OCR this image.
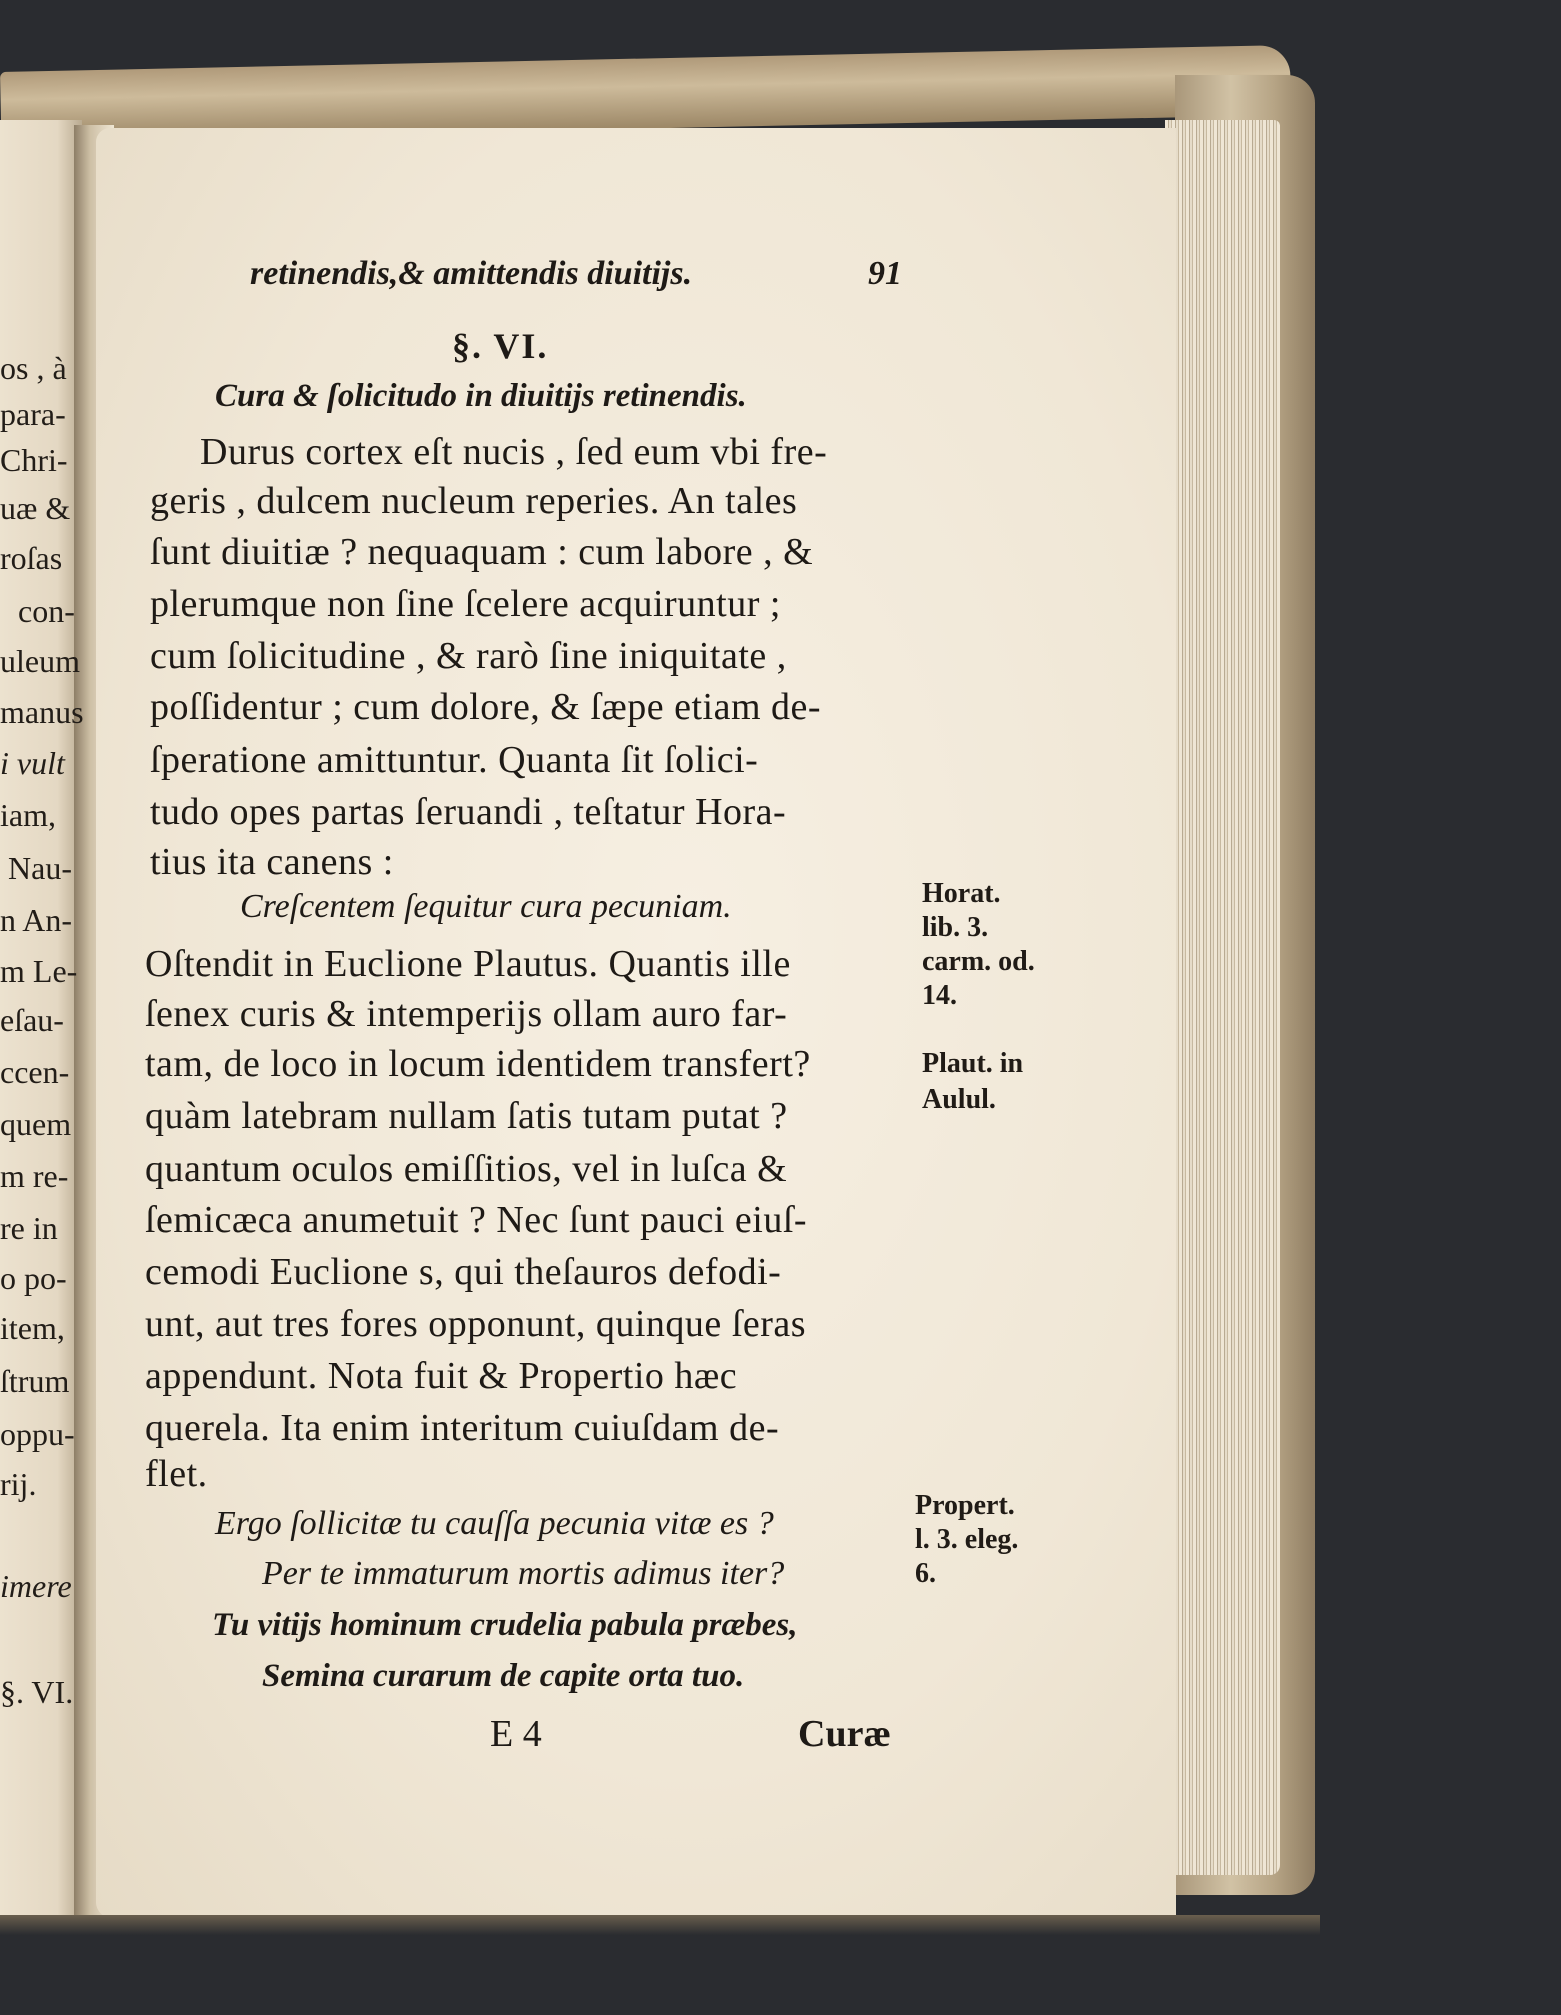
os , à
para-
Chri-
uæ &
roſas
con-
uleum
manus
i vult
iam,
Nau-
n An-
m Le-
eſau-
ccen-
quem
m re-
re in
o po-
item,
ſtrum
oppu-
rij.
imere
§. VI.
retinendis,& amittendis diuitijs.	91
§. VI.
Cura & ſolicitudo in diuitijs retinendis.
Durus cortex eſt nucis , ſed eum vbi fre-
geris , dulcem nucleum reperies. An tales
ſunt diuitiæ ? nequaquam : cum labore , &
plerumque non ſine ſcelere acquiruntur ;
cum ſolicitudine , & rarò ſine iniquitate ,
poſſidentur ; cum dolore, & ſæpe etiam de-
ſperatione amittuntur. Quanta ſit ſolici-
tudo opes partas ſeruandi , teſtatur Hora-
tius ita canens :
Creſcentem ſequitur cura pecuniam.
Oſtendit in Euclione Plautus. Quantis ille
ſenex curis & intemperijs ollam auro far-
tam, de loco in locum identidem transfert?
quàm latebram nullam ſatis tutam putat ?
quantum oculos emiſſitios, vel in luſca &
ſemicæca anumetuit ? Nec ſunt pauci eiuſ-
cemodi Euclione s, qui theſauros defodi-
unt, aut tres fores opponunt, quinque ſeras
appendunt. Nota fuit & Propertio hæc
querela. Ita enim interitum cuiuſdam de-
flet.
Ergo ſollicitæ tu cauſſa pecunia vitæ es ?
Per te immaturum mortis adimus iter?
Tu vitijs hominum crudelia pabula præbes,
Semina curarum de capite orta tuo.
Horat.
lib. 3.
carm. od.
14.
Plaut. in
Aulul.
Propert.
l. 3. eleg.
6.
E 4	Curæ
